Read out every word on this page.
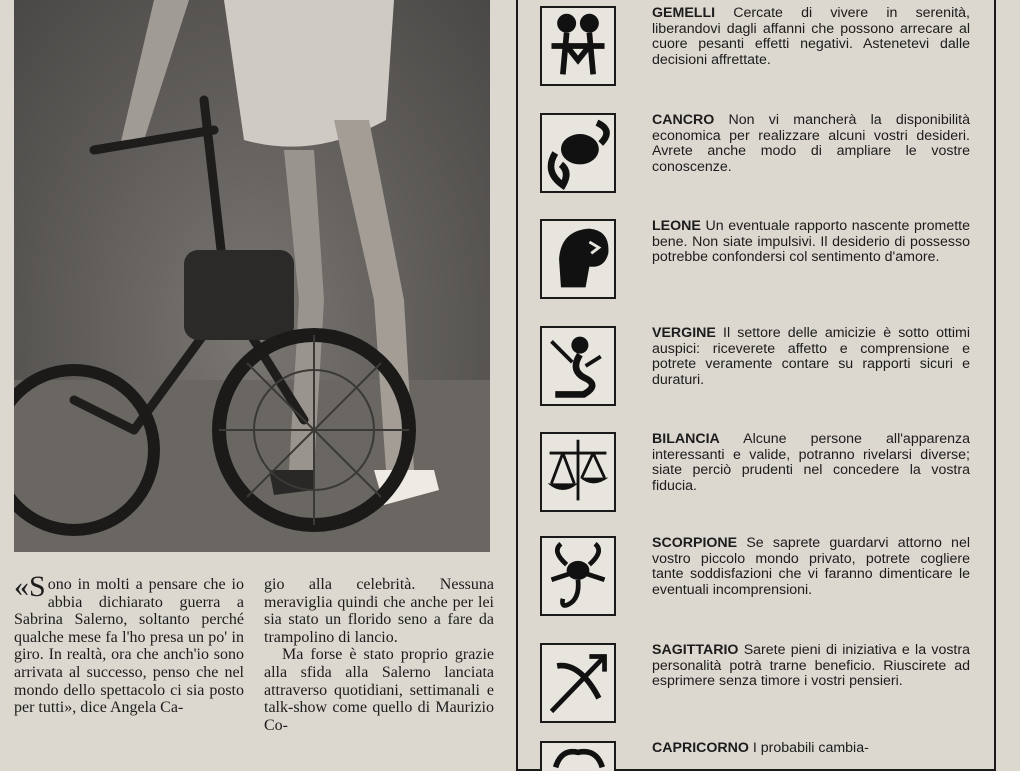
«Sono in molti a pensare che io abbia dichiarato guerra a Sabrina Salerno, soltanto perché qualche mese fa l'ho presa un po' in giro. In realtà, ora che anch'io sono arrivata al successo, penso che nel mondo dello spettacolo ci sia posto per tutti», dice Angela Ca-

gio alla celebrità. Nessuna meraviglia quindi che anche per lei sia stato un florido seno a fare da trampolino di lancio.

Ma forse è stato proprio grazie alla sfida alla Salerno lanciata attraverso quotidiani, settimanali e talk-show come quello di Maurizio Co-

GEMELLI Cercate di vivere in serenità, liberandovi dagli affanni che possono arrecare al cuore pesanti effetti negativi. Astenetevi dalle decisioni affrettate.
CANCRO Non vi mancherà la disponibilità economica per realizzare alcuni vostri desideri. Avrete anche modo di ampliare le vostre conoscenze.
LEONE Un eventuale rapporto nascente promette bene. Non siate impulsivi. Il desiderio di possesso potrebbe confondersi col sentimento d'amore.
VERGINE Il settore delle amicizie è sotto ottimi auspici: riceverete affetto e comprensione e potrete veramente contare su rapporti sicuri e duraturi.
BILANCIA Alcune persone all'apparenza interessanti e valide, potranno rivelarsi diverse; siate perciò prudenti nel concedere la vostra fiducia.
SCORPIONE Se saprete guardarvi attorno nel vostro piccolo mondo privato, potrete cogliere tante soddisfazioni che vi faranno dimenticare le eventuali incomprensioni.
SAGITTARIO Sarete pieni di iniziativa e la vostra personalità potrà trarne beneficio. Riuscirete ad esprimere senza timore i vostri pensieri.
CAPRICORNO I probabili cambia-
